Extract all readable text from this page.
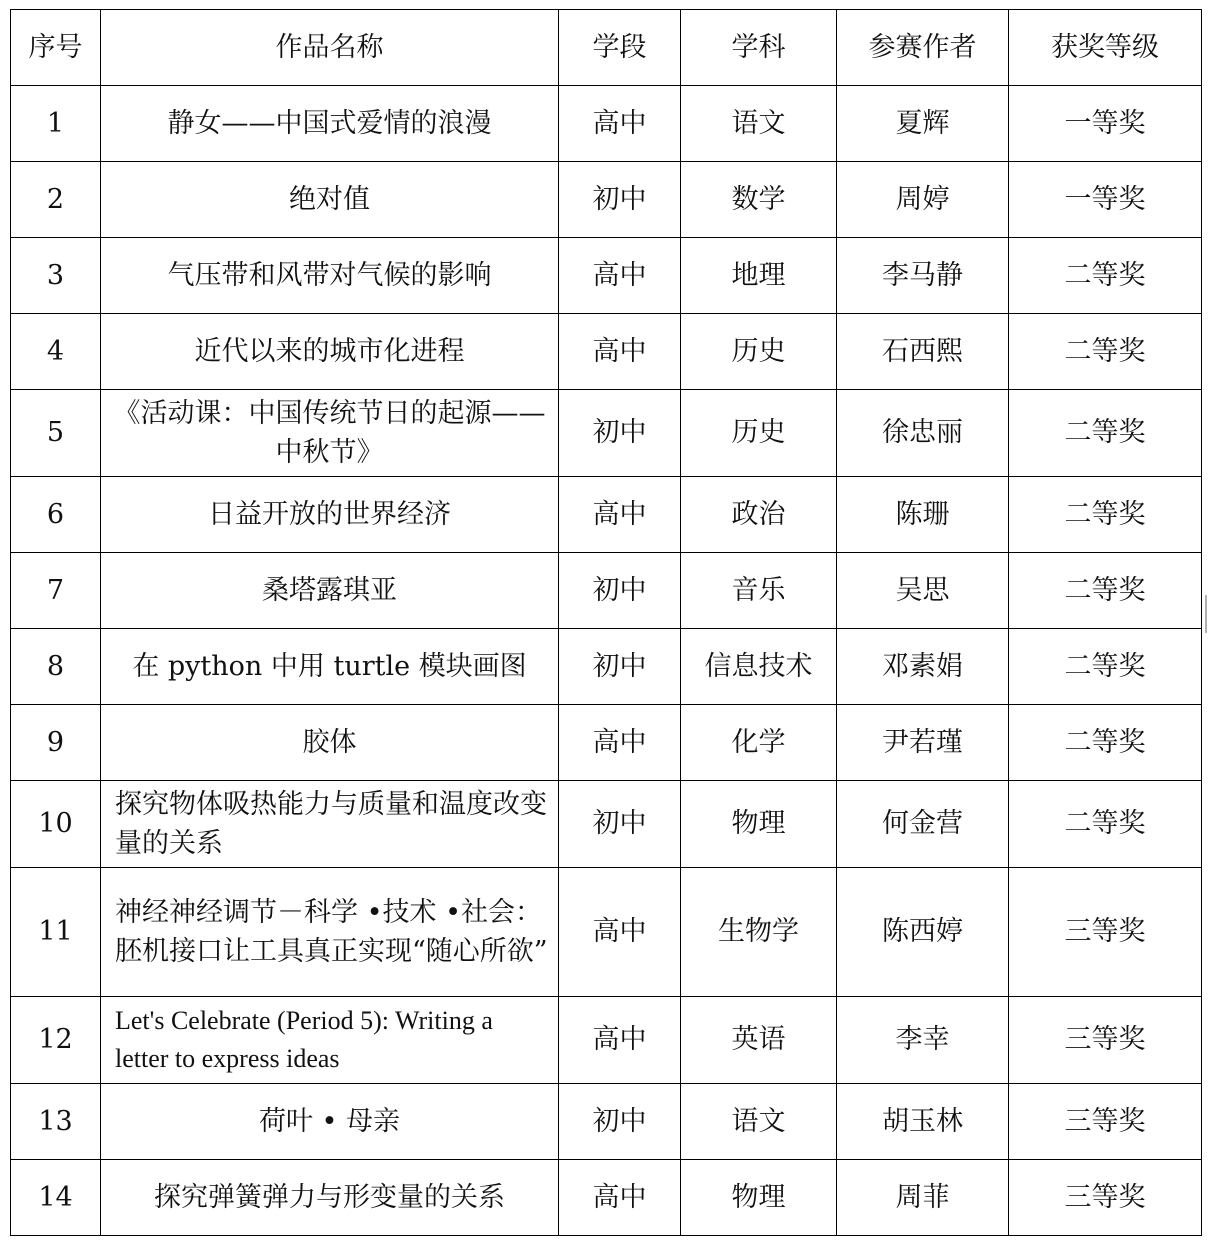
序号	作品名称	学段	学科	参赛作者	获奖等级
1	静女——中国式爱情的浪漫	高中	语文	夏辉	一等奖
2	绝对值	初中	数学	周婷	一等奖
3	气压带和风带对气候的影响	高中	地理	李马静	二等奖
4	近代以来的城市化进程	高中	历史	石西熙	二等奖
5	《活动课：中国传统节日的起源——中秋节》	初中	历史	徐忠丽	二等奖
6	日益开放的世界经济	高中	政治	陈珊	二等奖
7	桑塔露琪亚	初中	音乐	吴思	二等奖
8	在 python 中用 turtle 模块画图	初中	信息技术	邓素娟	二等奖
9	胶体	高中	化学	尹若瑾	二等奖
10	探究物体吸热能力与质量和温度改变量的关系	初中	物理	何金营	二等奖
11	神经神经调节－科学 •技术 •社会：胚机接口让工具真正实现“随心所欲”	高中	生物学	陈西婷	三等奖
12	Let's Celebrate (Period 5): Writing a letter to express ideas	高中	英语	李幸	三等奖
13	荷叶 • 母亲	初中	语文	胡玉林	三等奖
14	探究弹簧弹力与形变量的关系	高中	物理	周菲	三等奖
